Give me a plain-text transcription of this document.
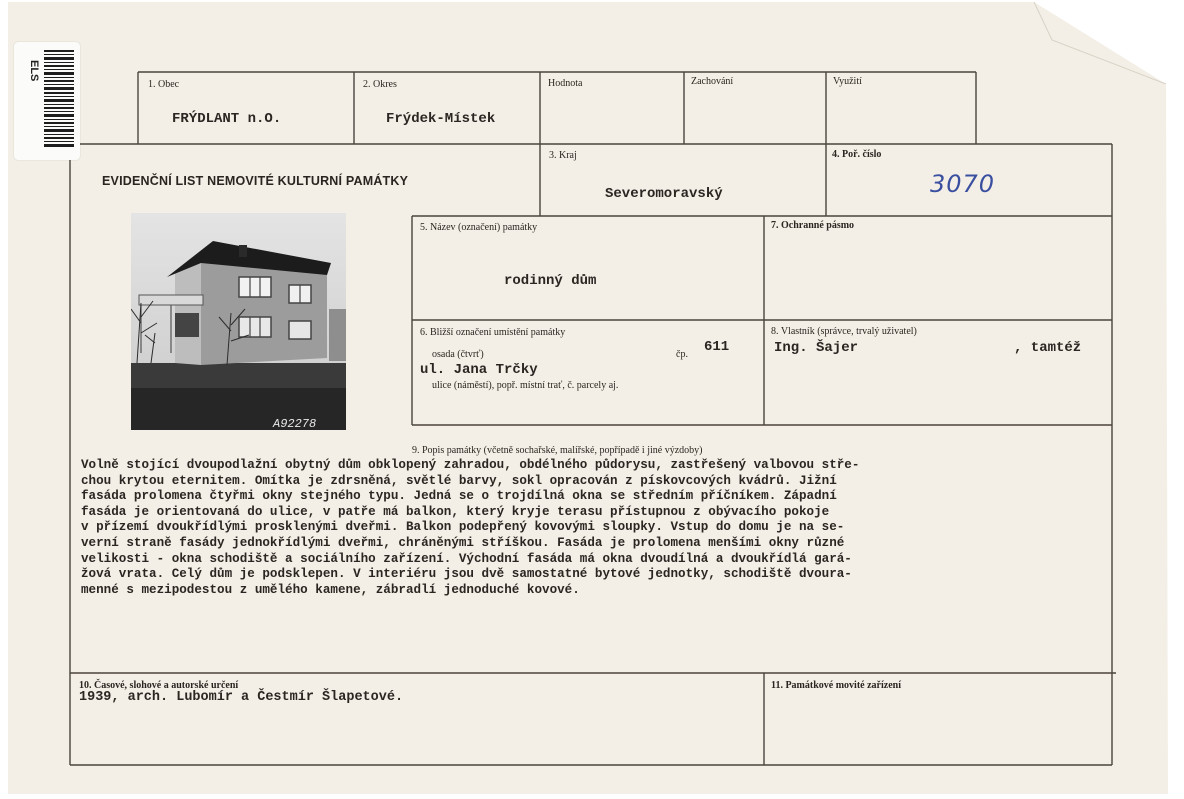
ELS
1. Obec
FRÝDLANT n.O.
2. Okres
Frýdek-Místek
Hodnota	Zachování	Využití
EVIDENČNÍ LIST NEMOVITÉ KULTURNÍ PAMÁTKY
3. Kraj
Severomoravský
4. Poř. číslo
3070
A92278
5. Název (označení) památky
rodinný dům
7. Ochranné pásmo
6. Bližší označení umístění památky
osada (čtvrť)	čp. 611
ul. Jana Trčky
ulice (náměstí), popř. místní trať, č. parcely aj.
8. Vlastník (správce, trvalý uživatel)
Ing. Šajer	, tamtéž
9. Popis památky (včetně sochařské, malířské, popřípadě i jiné výzdoby)
Volně stojící dvoupodlažní obytný dům obklopený zahradou, obdélného půdorysu, zastřešený valbovou stře-
chou krytou eternitem. Omítka je zdrsněná, světlé barvy, sokl opracován z pískovcových kvádrů. Jižní
fasáda prolomena čtyřmi okny stejného typu. Jedná se o trojdílná okna se středním příčníkem. Západní
fasáda je orientovaná do ulice, v patře má balkon, který kryje terasu přístupnou z obývacího pokoje
v přízemí dvoukřídlými prosklenými dveřmi. Balkon podepřený kovovými sloupky. Vstup do domu je na se-
verní straně fasády jednokřídlými dveřmi, chráněnými stříškou. Fasáda je prolomena menšími okny různé
velikosti - okna schodiště a sociálního zařízení. Východní fasáda má okna dvoudílná a dvoukřídlá gará-
žová vrata. Celý dům je podsklepen. V interiéru jsou dvě samostatné bytové jednotky, schodiště dvoura-
menné s mezipodestou z umělého kamene, zábradlí jednoduché kovové.
10. Časové, slohové a autorské určení
1939, arch. Lubomír a Čestmír Šlapetové.
11. Památkové movité zařízení
